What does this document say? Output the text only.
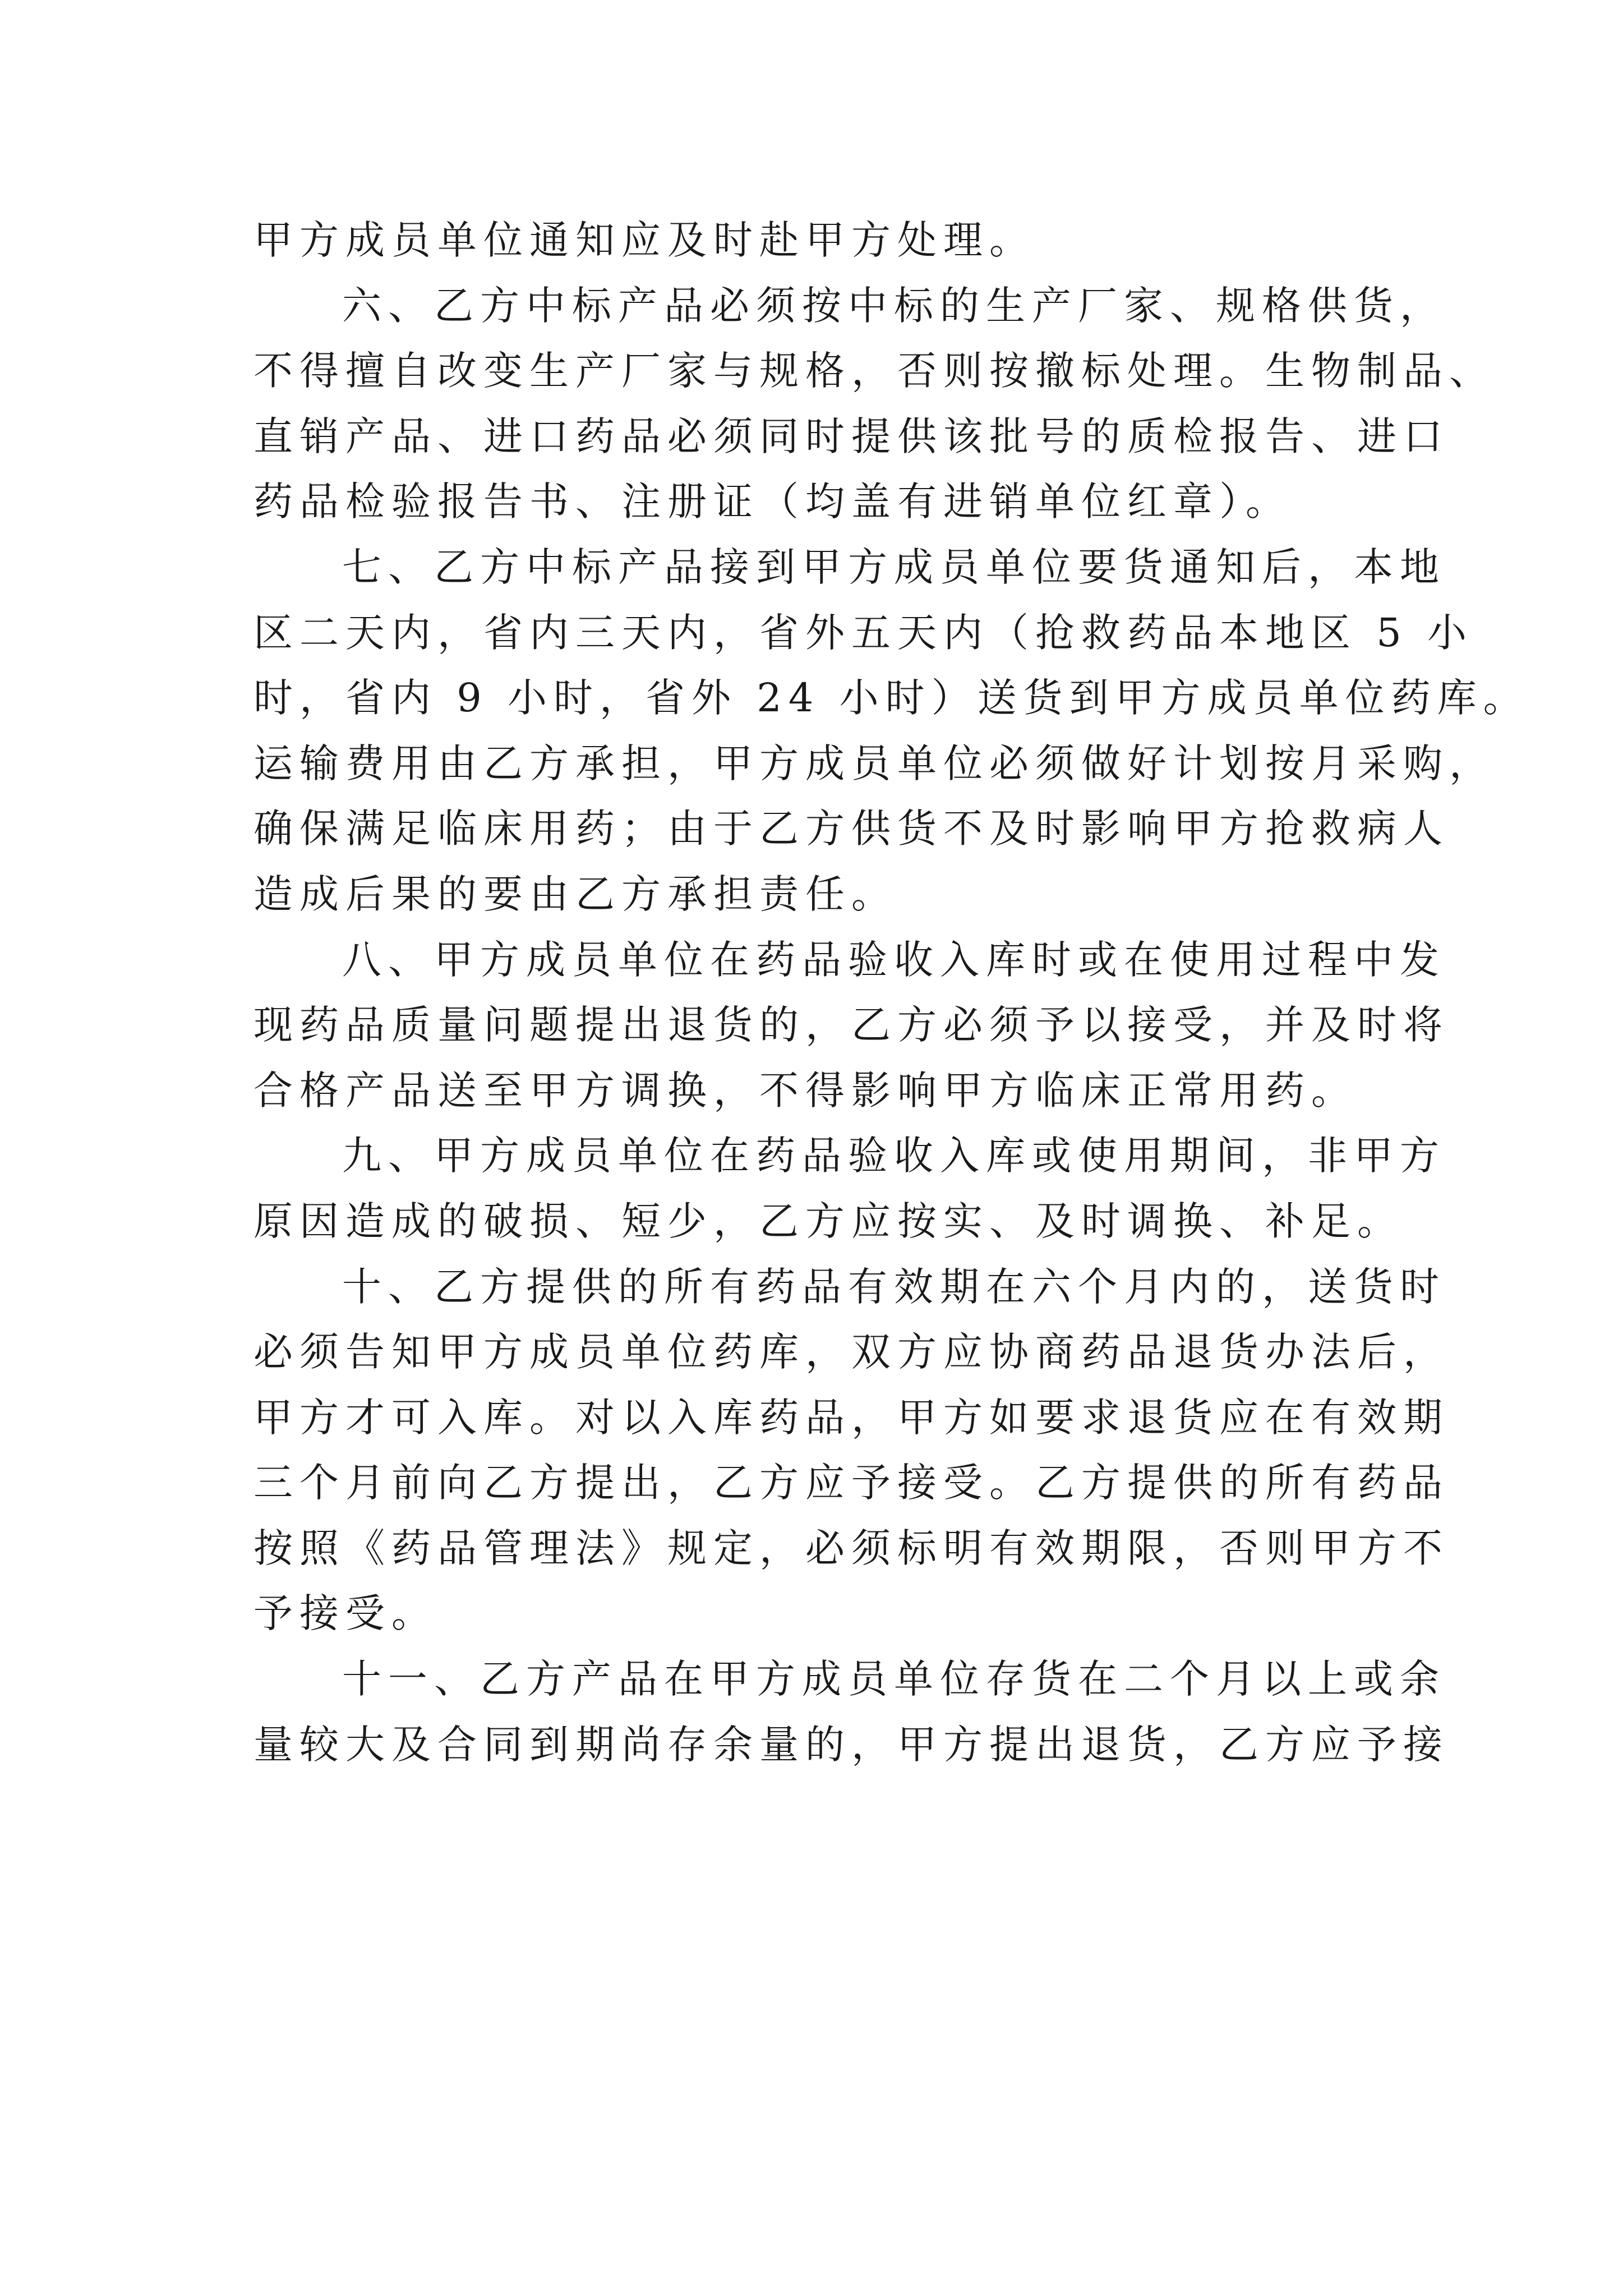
甲方成员单位通知应及时赴甲方处理。
六、乙方中标产品必须按中标的生产厂家、规格供货，
不得擅自改变生产厂家与规格，否则按撤标处理。生物制品、
直销产品、进口药品必须同时提供该批号的质检报告、进口
药品检验报告书、注册证（均盖有进销单位红章）。
七、乙方中标产品接到甲方成员单位要货通知后，本地
区二天内，省内三天内，省外五天内（抢救药品本地区 5 小
时，省内 9 小时，省外 24 小时）送货到甲方成员单位药库。
运输费用由乙方承担，甲方成员单位必须做好计划按月采购，
确保满足临床用药；由于乙方供货不及时影响甲方抢救病人
造成后果的要由乙方承担责任。
八、甲方成员单位在药品验收入库时或在使用过程中发
现药品质量问题提出退货的，乙方必须予以接受，并及时将
合格产品送至甲方调换，不得影响甲方临床正常用药。
九、甲方成员单位在药品验收入库或使用期间，非甲方
原因造成的破损、短少，乙方应按实、及时调换、补足。
十、乙方提供的所有药品有效期在六个月内的，送货时
必须告知甲方成员单位药库，双方应协商药品退货办法后，
甲方才可入库。对以入库药品，甲方如要求退货应在有效期
三个月前向乙方提出，乙方应予接受。乙方提供的所有药品
按照《药品管理法》规定，必须标明有效期限，否则甲方不
予接受。
十一、乙方产品在甲方成员单位存货在二个月以上或余
量较大及合同到期尚存余量的，甲方提出退货，乙方应予接
